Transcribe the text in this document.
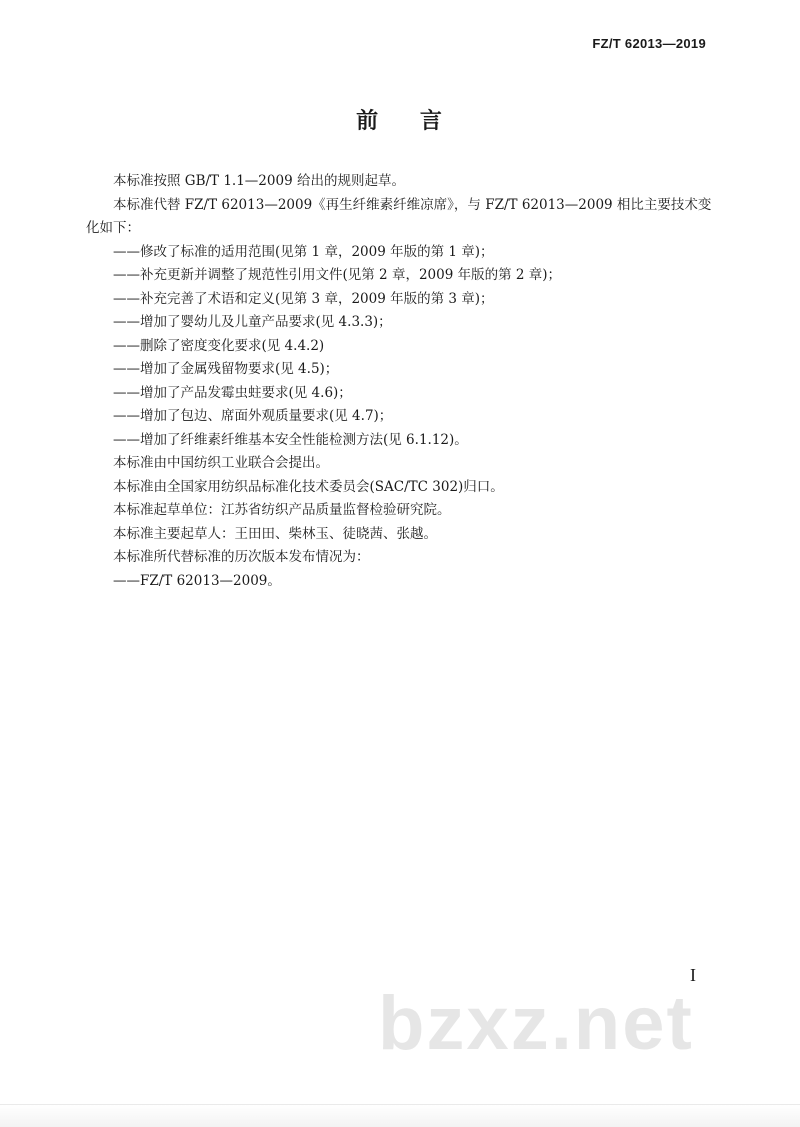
FZ/T 62013—2019
前 言

本标准按照 GB/T 1.1—2009 给出的规则起草。

本标准代替 FZ/T 62013—2009《再生纤维素纤维凉席》，与 FZ/T 62013—2009 相比主要技术变化如下：

——修改了标准的适用范围(见第 1 章，2009 年版的第 1 章)；

——补充更新并调整了规范性引用文件(见第 2 章，2009 年版的第 2 章)；

——补充完善了术语和定义(见第 3 章，2009 年版的第 3 章)；

——增加了婴幼儿及儿童产品要求(见 4.3.3)；

——删除了密度变化要求(见 4.4.2)

——增加了金属残留物要求(见 4.5)；

——增加了产品发霉虫蛀要求(见 4.6)；

——增加了包边、席面外观质量要求(见 4.7)；

——增加了纤维素纤维基本安全性能检测方法(见 6.1.12)。

本标准由中国纺织工业联合会提出。

本标准由全国家用纺织品标准化技术委员会(SAC/TC 302)归口。

本标准起草单位：江苏省纺织产品质量监督检验研究院。

本标准主要起草人：王田田、柴林玉、徒晓茜、张越。

本标准所代替标准的历次版本发布情况为：

——FZ/T 62013—2009。

I
bzxz.net
